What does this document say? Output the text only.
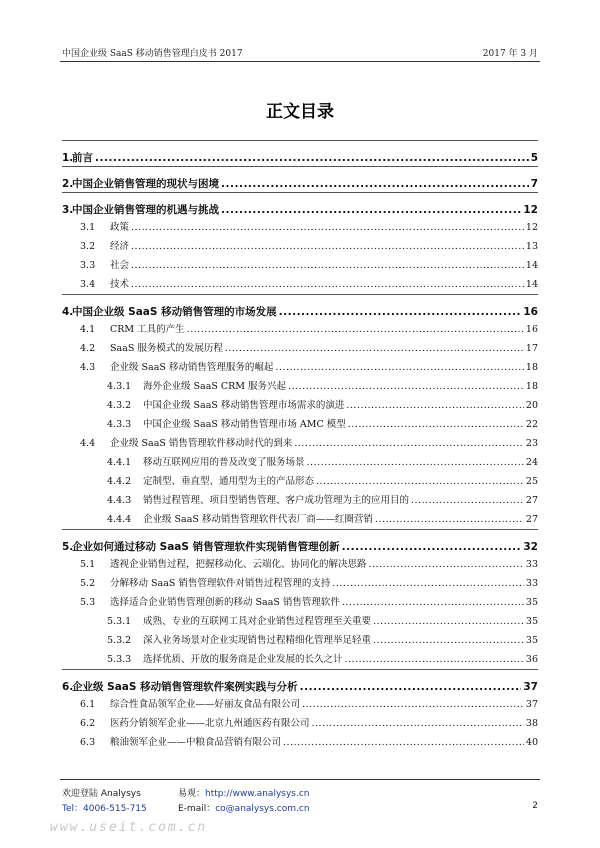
中国企业级 SaaS 移动销售管理白皮书 2017	2017 年 3 月
正文目录
1.前言 .....	5
2.中国企业销售管理的现状与困境 .....	7
3.中国企业销售管理的机遇与挑战 .....	12
3.1 政策 .....	12
3.2 经济 .....	13
3.3 社会 .....	14
3.4 技术 .....	14
4.中国企业级 SaaS 移动销售管理的市场发展 .....	16
4.1 CRM 工具的产生 .....	16
4.2 SaaS 服务模式的发展历程 .....	17
4.3 企业级 SaaS 移动销售管理服务的崛起 .....	18
4.3.1 海外企业级 SaaS CRM 服务兴起 .....	18
4.3.2 中国企业级 SaaS 移动销售管理市场需求的演进 .....	20
4.3.3 中国企业级 SaaS 移动销售管理市场 AMC 模型 .....	22
4.4 企业级 SaaS 销售管理软件移动时代的到来 .....	23
4.4.1 移动互联网应用的普及改变了服务场景 .....	24
4.4.2 定制型、垂直型、通用型为主的产品形态 .....	25
4.4.3 销售过程管理、项目型销售管理、客户成功管理为主的应用目的 .....	27
4.4.4 企业级 SaaS 移动销售管理软件代表厂商——红圈营销 .....	27
5.企业如何通过移动 SaaS 销售管理软件实现销售管理创新 .....	32
5.1 透视企业销售过程，把握移动化、云端化、协同化的解决思路 .....	33
5.2 分解移动 SaaS 销售管理软件对销售过程管理的支持 .....	33
5.3 选择适合企业销售管理创新的移动 SaaS 销售管理软件 .....	35
5.3.1 成熟、专业的互联网工具对企业销售过程管理至关重要 .....	35
5.3.2 深入业务场景对企业实现销售过程精细化管理举足轻重 .....	35
5.3.3 选择优质、开放的服务商是企业发展的长久之计 .....	36
6.企业级 SaaS 移动销售管理软件案例实践与分析 .....	37
6.1 综合性食品领军企业——好丽友食品有限公司 .....	37
6.2 医药分销领军企业——北京九州通医药有限公司 .....	38
6.3 粮油领军企业——中粮食品营销有限公司 .....	40
欢迎登陆 Analysys
Tel：4006-515-715
易观：http://www.analysys.cn
E-mail：co@analysys.com.cn	2
www.useit.com.cn
